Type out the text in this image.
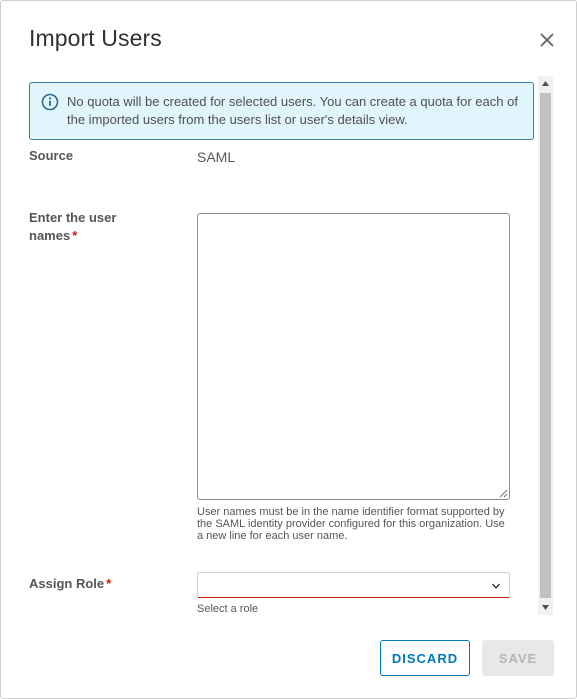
Import Users
No quota will be created for selected users. You can create a quota for each of the imported users from the users list or user's details view.
Source	SAML
Enter the user names *
User names must be in the name identifier format supported by the SAML identity provider configured for this organization. Use a new line for each user name.
Assign Role *
Select a role
DISCARD	SAVE
